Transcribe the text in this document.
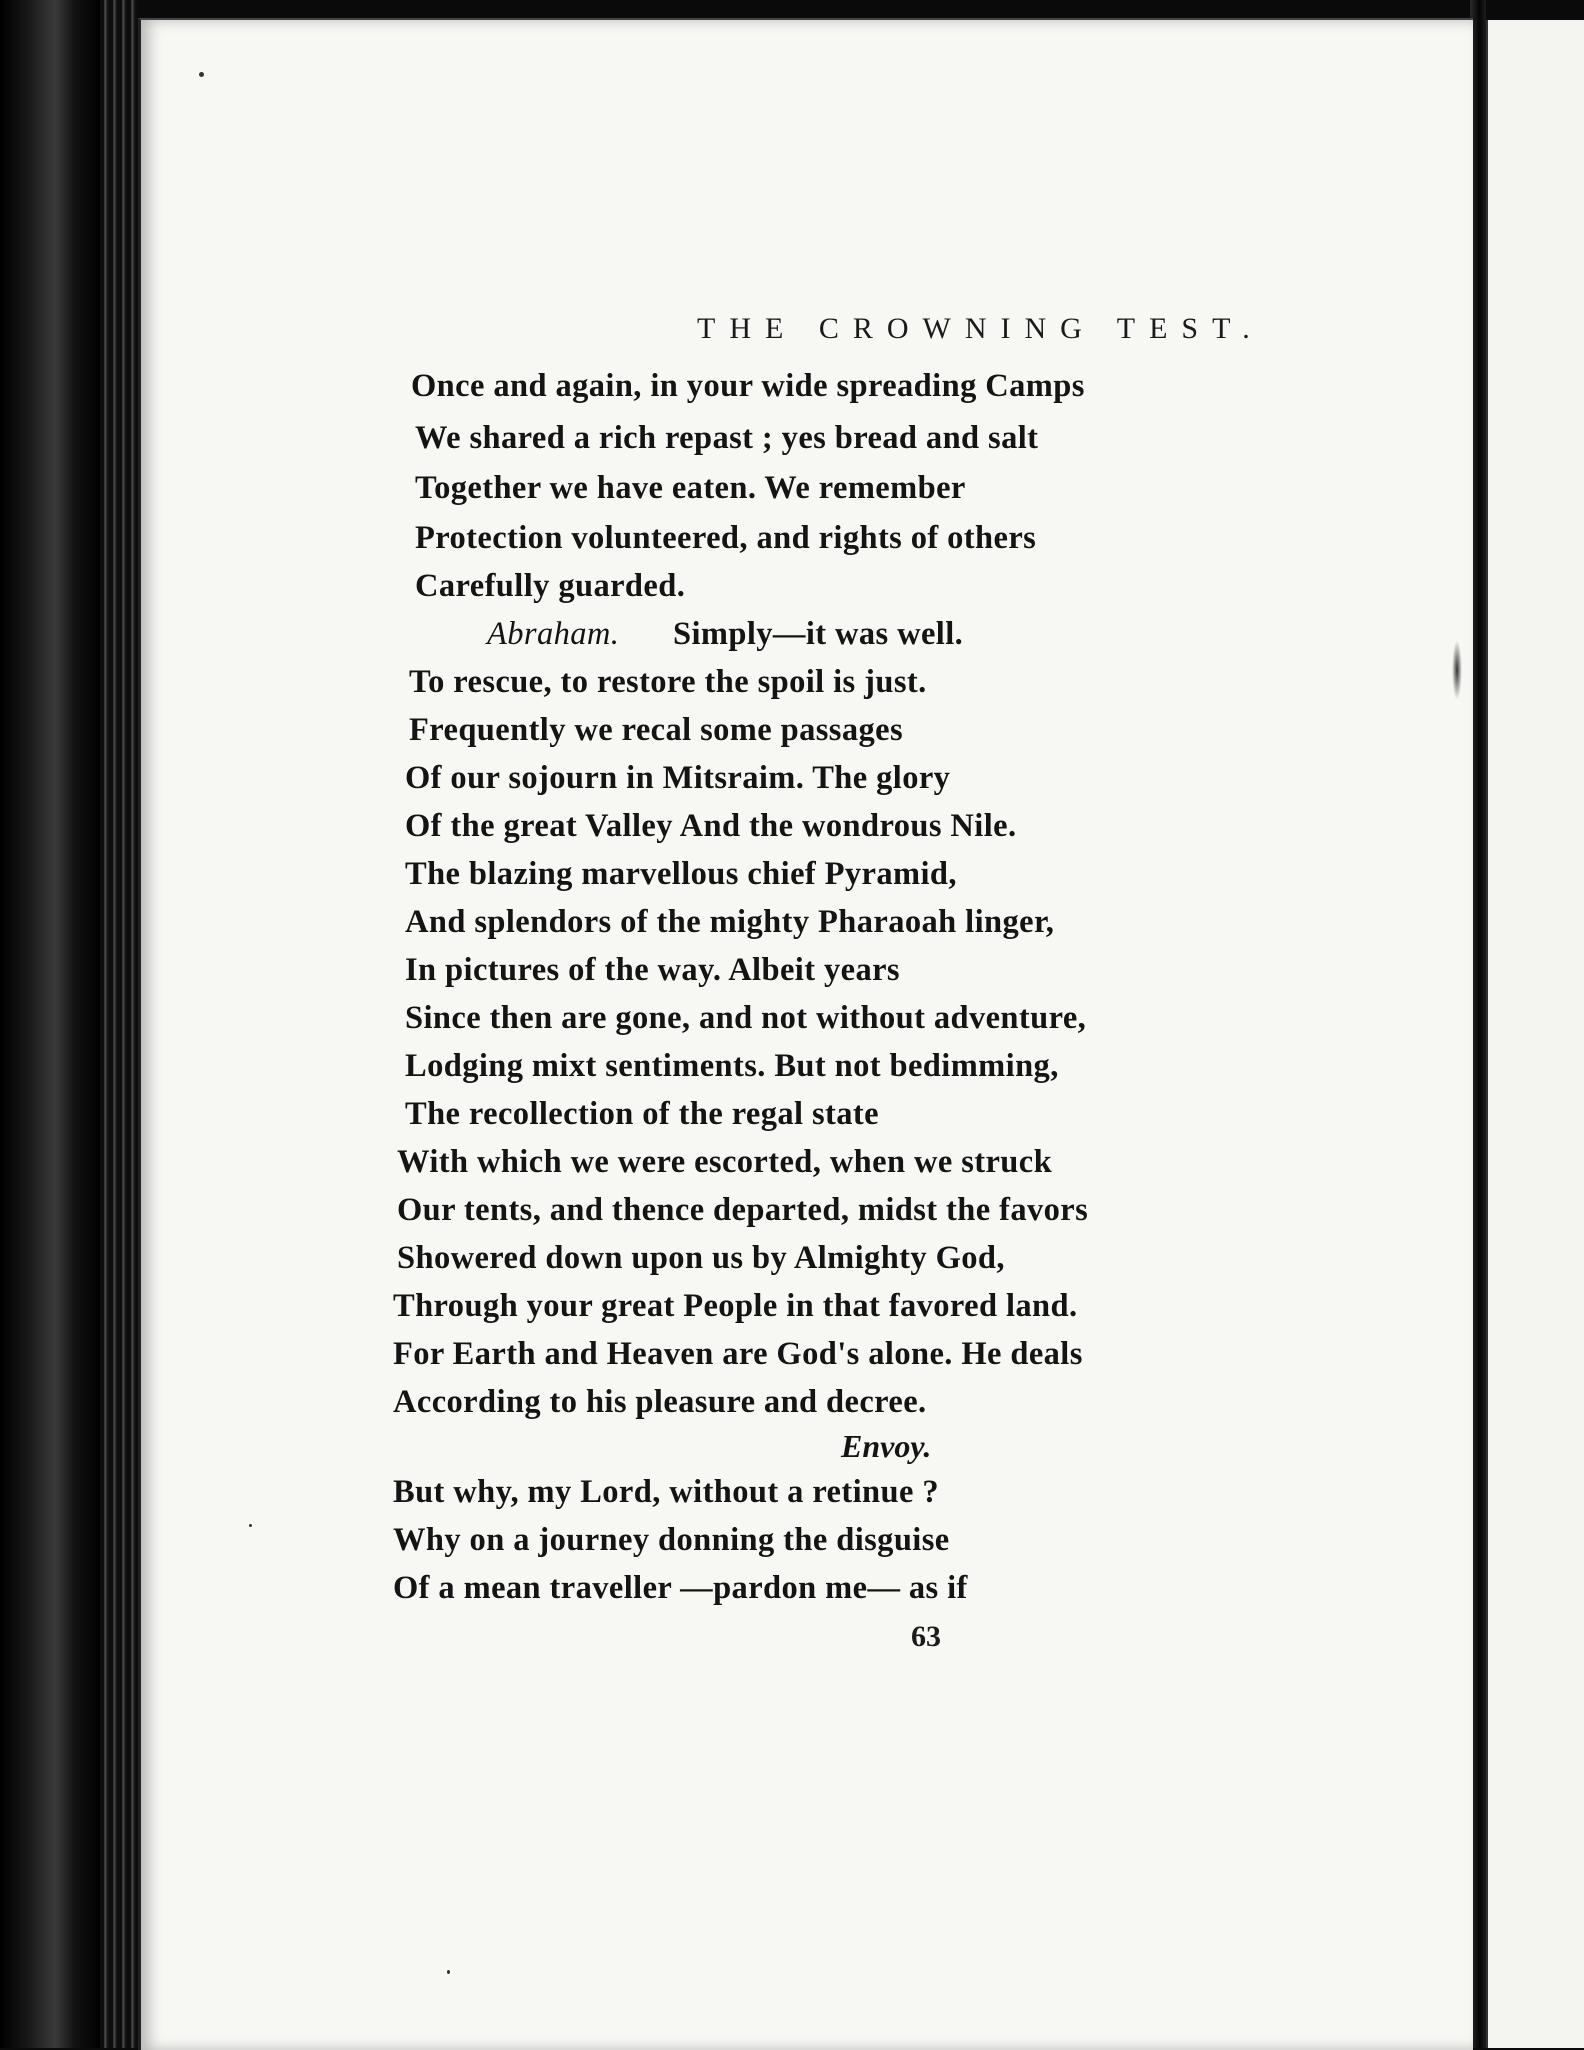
THE CROWNING TEST.
Once and again, in your wide spreading Camps
We shared a rich repast ; yes bread and salt
Together we have eaten. We remember
Protection volunteered, and rights of others
Carefully guarded.
Abraham. Simply—it was well.
To rescue, to restore the spoil is just.
Frequently we recal some passages
Of our sojourn in Mitsraim. The glory
Of the great Valley And the wondrous Nile.
The blazing marvellous chief Pyramid,
And splendors of the mighty Pharaoah linger,
In pictures of the way. Albeit years
Since then are gone, and not without adventure,
Lodging mixt sentiments. But not bedimming,
The recollection of the regal state
With which we were escorted, when we struck
Our tents, and thence departed, midst the favors
Showered down upon us by Almighty God,
Through your great People in that favored land.
For Earth and Heaven are God's alone. He deals
According to his pleasure and decree.
Envoy.
But why, my Lord, without a retinue ?
Why on a journey donning the disguise
Of a mean traveller —pardon me— as if
63
